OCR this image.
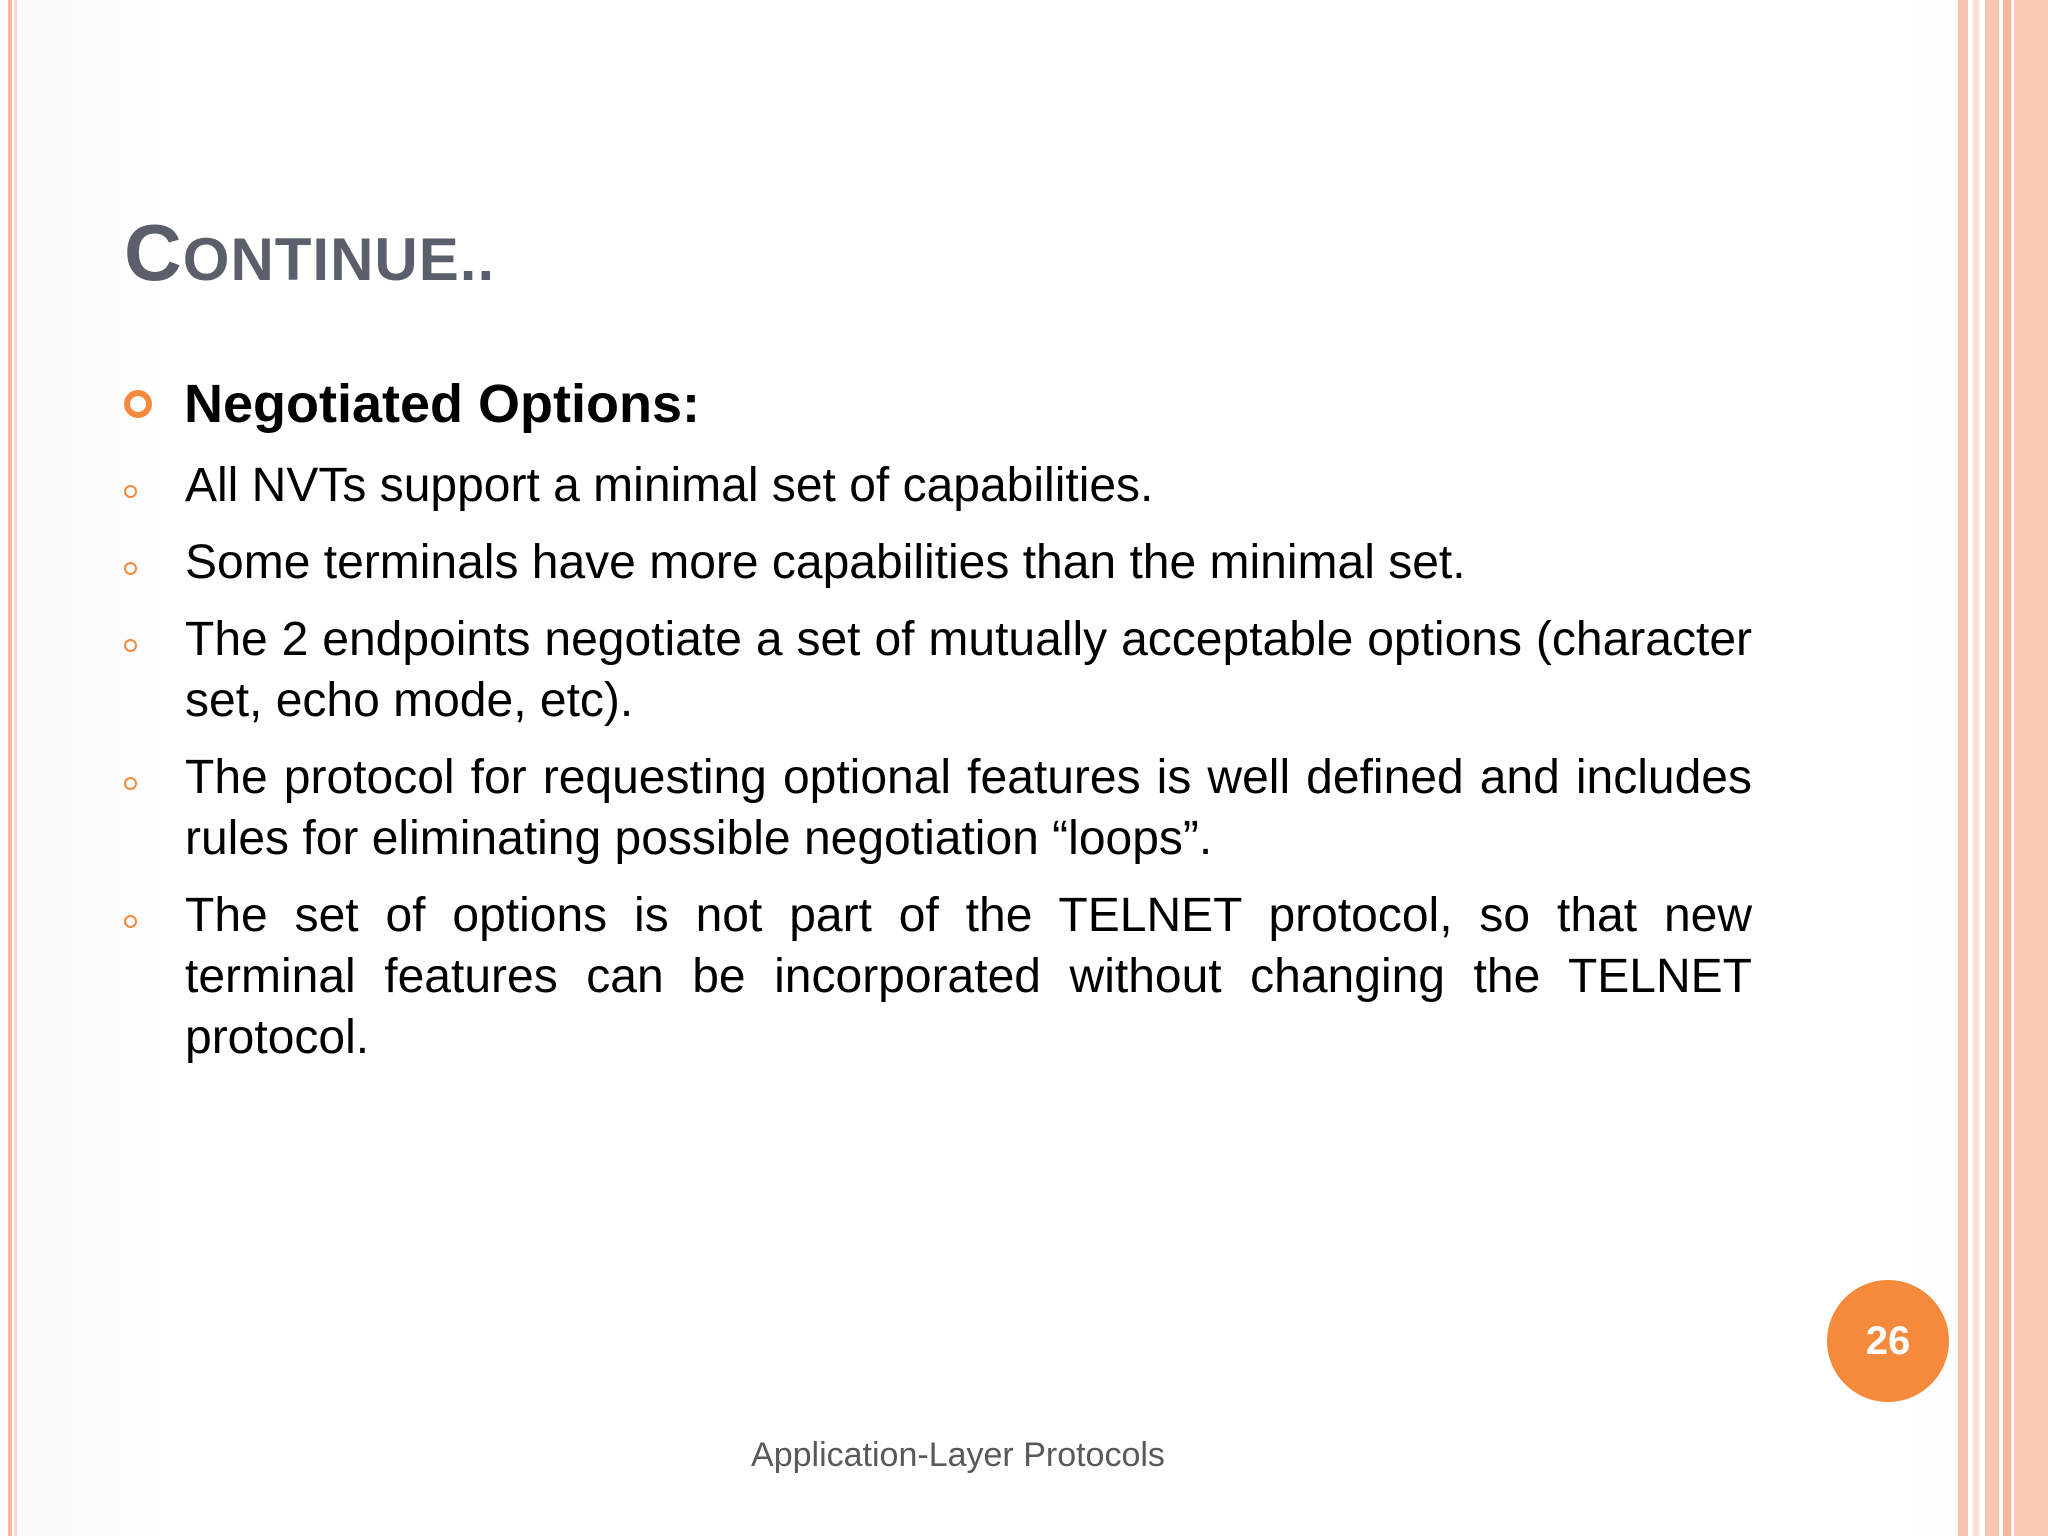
CONTINUE..
Negotiated Options:
All NVTs support a minimal set of capabilities.
Some terminals have more capabilities than the minimal set.
The 2 endpoints negotiate a set of mutually acceptable options (character set, echo mode, etc).
The protocol for requesting optional features is well defined and includes rules for eliminating possible negotiation “loops”.
The set of options is not part of the TELNET protocol, so that new terminal features can be incorporated without changing the TELNET protocol.
26
Application-Layer Protocols
